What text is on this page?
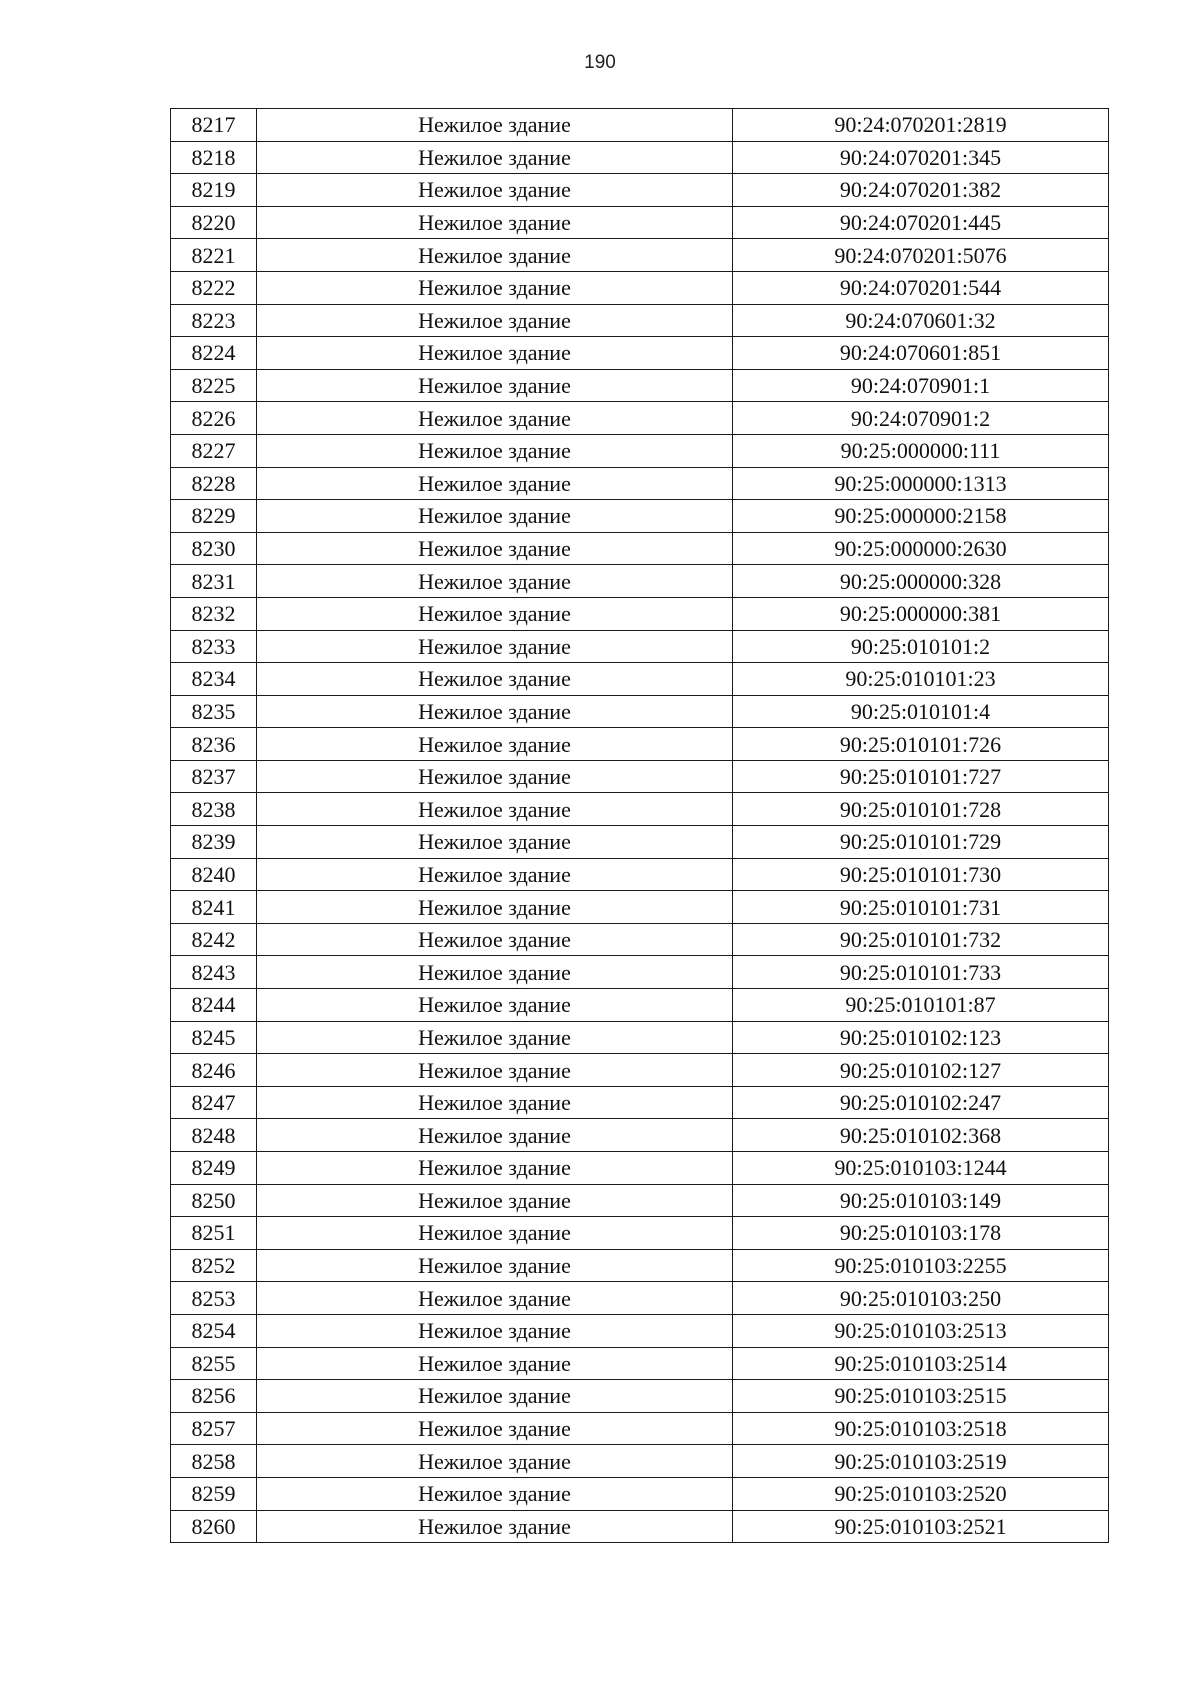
190
8217	Нежилое здание	90:24:070201:2819
8218	Нежилое здание	90:24:070201:345
8219	Нежилое здание	90:24:070201:382
8220	Нежилое здание	90:24:070201:445
8221	Нежилое здание	90:24:070201:5076
8222	Нежилое здание	90:24:070201:544
8223	Нежилое здание	90:24:070601:32
8224	Нежилое здание	90:24:070601:851
8225	Нежилое здание	90:24:070901:1
8226	Нежилое здание	90:24:070901:2
8227	Нежилое здание	90:25:000000:111
8228	Нежилое здание	90:25:000000:1313
8229	Нежилое здание	90:25:000000:2158
8230	Нежилое здание	90:25:000000:2630
8231	Нежилое здание	90:25:000000:328
8232	Нежилое здание	90:25:000000:381
8233	Нежилое здание	90:25:010101:2
8234	Нежилое здание	90:25:010101:23
8235	Нежилое здание	90:25:010101:4
8236	Нежилое здание	90:25:010101:726
8237	Нежилое здание	90:25:010101:727
8238	Нежилое здание	90:25:010101:728
8239	Нежилое здание	90:25:010101:729
8240	Нежилое здание	90:25:010101:730
8241	Нежилое здание	90:25:010101:731
8242	Нежилое здание	90:25:010101:732
8243	Нежилое здание	90:25:010101:733
8244	Нежилое здание	90:25:010101:87
8245	Нежилое здание	90:25:010102:123
8246	Нежилое здание	90:25:010102:127
8247	Нежилое здание	90:25:010102:247
8248	Нежилое здание	90:25:010102:368
8249	Нежилое здание	90:25:010103:1244
8250	Нежилое здание	90:25:010103:149
8251	Нежилое здание	90:25:010103:178
8252	Нежилое здание	90:25:010103:2255
8253	Нежилое здание	90:25:010103:250
8254	Нежилое здание	90:25:010103:2513
8255	Нежилое здание	90:25:010103:2514
8256	Нежилое здание	90:25:010103:2515
8257	Нежилое здание	90:25:010103:2518
8258	Нежилое здание	90:25:010103:2519
8259	Нежилое здание	90:25:010103:2520
8260	Нежилое здание	90:25:010103:2521
